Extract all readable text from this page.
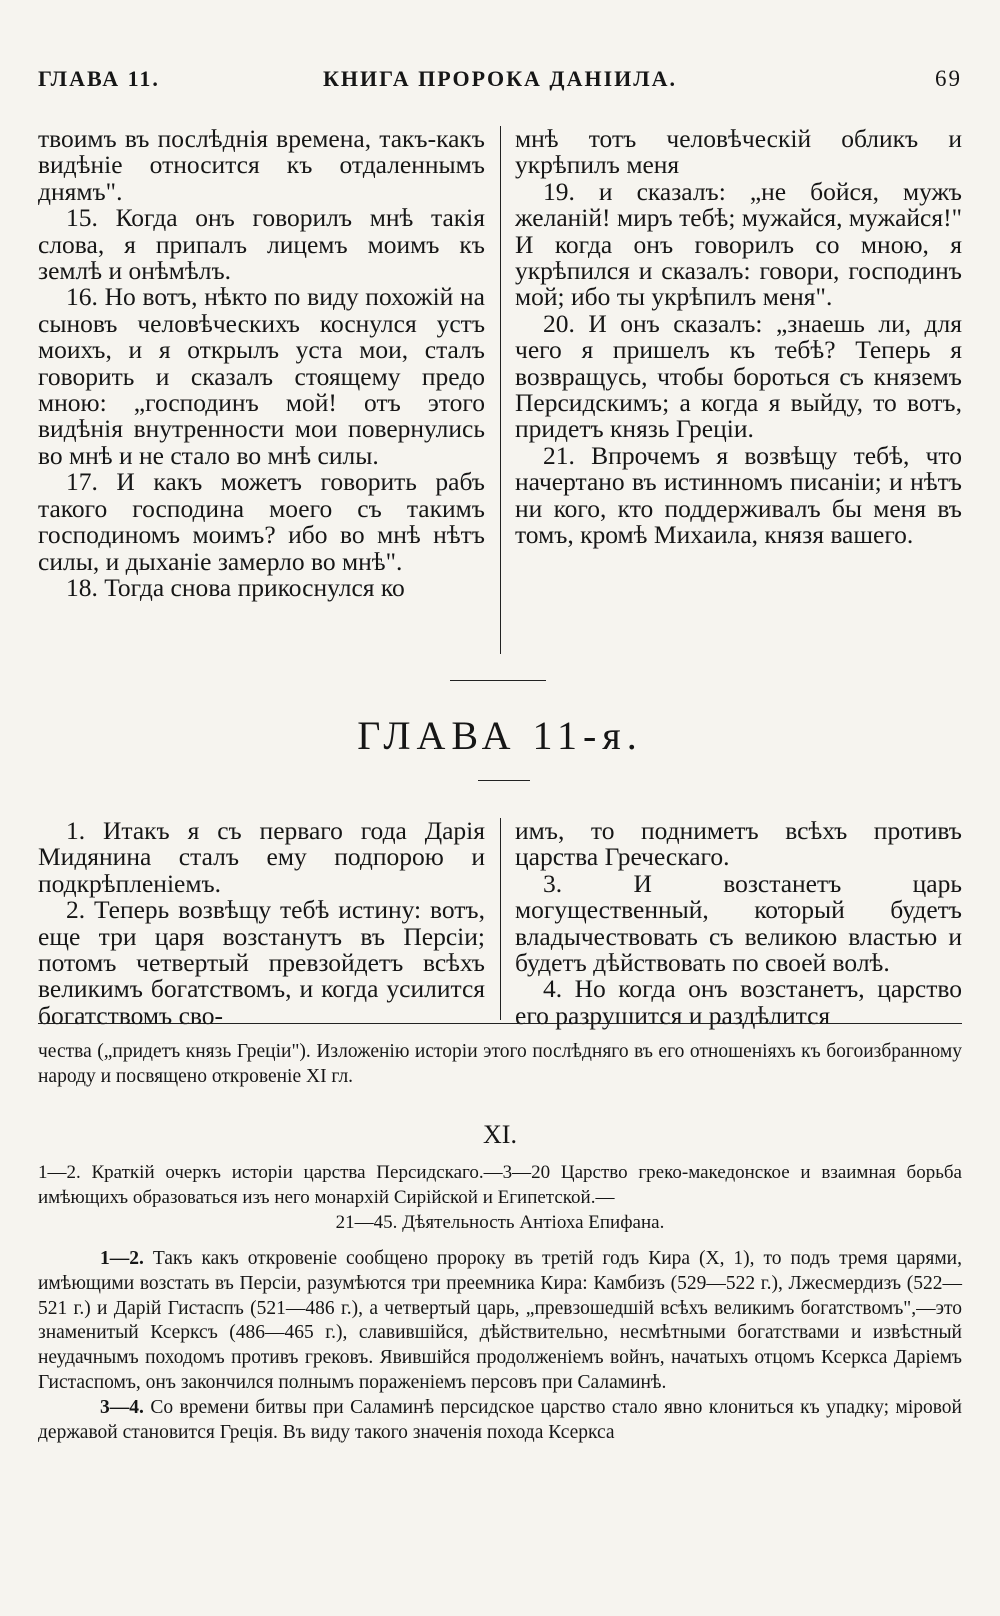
ГЛАВА 11.	КНИГА ПРОРОКА ДАНІИЛА.	69

твоимъ въ послѣднія времена, такъ-какъ видѣніе относится къ отдаленнымъ днямъ".

15. Когда онъ говорилъ мнѣ такія слова, я припалъ лицемъ моимъ къ землѣ и онѣмѣлъ.

16. Но вотъ, нѣкто по виду похожій на сыновъ человѣческихъ коснулся устъ моихъ, и я открылъ уста мои, сталъ говорить и сказалъ стоящему предо мною: „господинъ мой! отъ этого видѣнія внутренности мои повернулись во мнѣ и не стало во мнѣ силы.

17. И какъ можетъ говорить рабъ такого господина моего съ такимъ господиномъ моимъ? ибо во мнѣ нѣтъ силы, и дыханіе замерло во мнѣ".

18. Тогда снова прикоснулся ко

мнѣ тотъ человѣческій обликъ и укрѣпилъ меня

19. и сказалъ: „не бойся, мужъ желаній! миръ тебѣ; мужайся, мужайся!" И когда онъ говорилъ со мною, я укрѣпился и сказалъ: говори, господинъ мой; ибо ты укрѣпилъ меня".

20. И онъ сказалъ: „знаешь ли, для чего я пришелъ къ тебѣ? Теперь я возвращусь, чтобы бороться съ княземъ Персидскимъ; а когда я выйду, то вотъ, придетъ князь Греціи.

21. Впрочемъ я возвѣщу тебѣ, что начертано въ истинномъ писаніи; и нѣтъ ни кого, кто поддерживалъ бы меня въ томъ, кромѣ Михаила, князя вашего.

ГЛАВА 11-я.

1. Итакъ я съ перваго года Дарія Мидянина сталъ ему подпорою и подкрѣпленіемъ.

2. Теперь возвѣщу тебѣ истину: вотъ, еще три царя возстанутъ въ Персіи; потомъ четвертый превзойдетъ всѣхъ великимъ богатствомъ, и когда усилится богатствомъ сво-

имъ, то подниметъ всѣхъ противъ царства Греческаго.

3. И возстанетъ царь могущественный, который будетъ владычествовать съ великою властью и будетъ дѣйствовать по своей волѣ.

4. Но когда онъ возстанетъ, царство его разрушится и раздѣлится

чества („придетъ князь Греціи"). Изложенію исторіи этого послѣдняго въ его отношеніяхъ къ богоизбранному народу и посвящено откровеніе XI гл.

XI.

1—2. Краткій очеркъ исторіи царства Персидскаго.—3—20 Царство греко-македонское и взаимная борьба имѣющихъ образоваться изъ него монархій Сирійской и Египетской.—

21—45. Дѣятельность Антіоха Епифана.

1—2. Такъ какъ откровеніе сообщено пророку въ третій годъ Кира (X, 1), то подъ тремя царями, имѣющими возстать въ Персіи, разумѣются три преемника Кира: Камбизъ (529—522 г.), Лжесмердизъ (522—521 г.) и Дарій Гистаспъ (521—486 г.), а четвертый царь, „превзошедшій всѣхъ великимъ богатствомъ",—это знаменитый Ксерксъ (486—465 г.), славившійся, дѣйствительно, несмѣтными богатствами и извѣстный неудачнымъ походомъ противъ грековъ. Явившійся продолженіемъ войнъ, начатыхъ отцомъ Ксеркса Даріемъ Гистаспомъ, онъ закончился полнымъ пораженіемъ персовъ при Саламинѣ.

3—4. Со времени битвы при Саламинѣ персидское царство стало явно клониться къ упадку; міровой державой становится Греція. Въ виду такого значенія похода Ксеркса
